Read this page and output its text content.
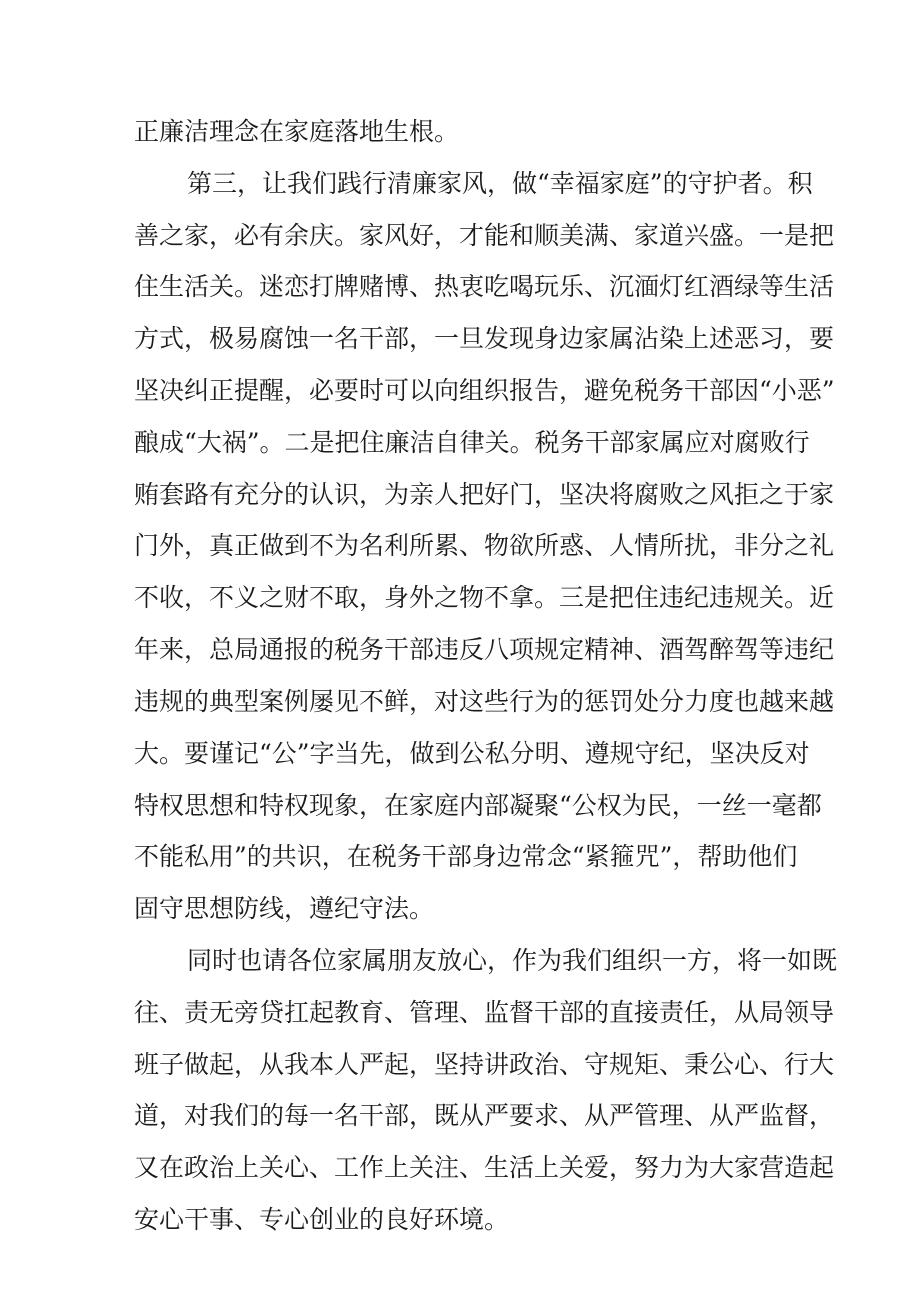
正廉洁理念在家庭落地生根。

第三，让我们践行清廉家风，做“幸福家庭”的守护者。积

善之家，必有余庆。家风好，才能和顺美满、家道兴盛。一是把

住生活关。迷恋打牌赌博、热衷吃喝玩乐、沉湎灯红酒绿等生活

方式，极易腐蚀一名干部，一旦发现身边家属沾染上述恶习，要

坚决纠正提醒，必要时可以向组织报告，避免税务干部因“小恶”

酿成“大祸”。二是把住廉洁自律关。税务干部家属应对腐败行

贿套路有充分的认识，为亲人把好门，坚决将腐败之风拒之于家

门外，真正做到不为名利所累、物欲所惑、人情所扰，非分之礼

不收，不义之财不取，身外之物不拿。三是把住违纪违规关。近

年来，总局通报的税务干部违反八项规定精神、酒驾醉驾等违纪

违规的典型案例屡见不鲜，对这些行为的惩罚处分力度也越来越

大。要谨记“公”字当先，做到公私分明、遵规守纪，坚决反对

特权思想和特权现象，在家庭内部凝聚“公权为民，一丝一毫都

不能私用”的共识，在税务干部身边常念“紧箍咒”，帮助他们

固守思想防线，遵纪守法。

同时也请各位家属朋友放心，作为我们组织一方，将一如既

往、责无旁贷扛起教育、管理、监督干部的直接责任，从局领导

班子做起，从我本人严起，坚持讲政治、守规矩、秉公心、行大

道，对我们的每一名干部，既从严要求、从严管理、从严监督，

又在政治上关心、工作上关注、生活上关爱，努力为大家营造起

安心干事、专心创业的良好环境。
